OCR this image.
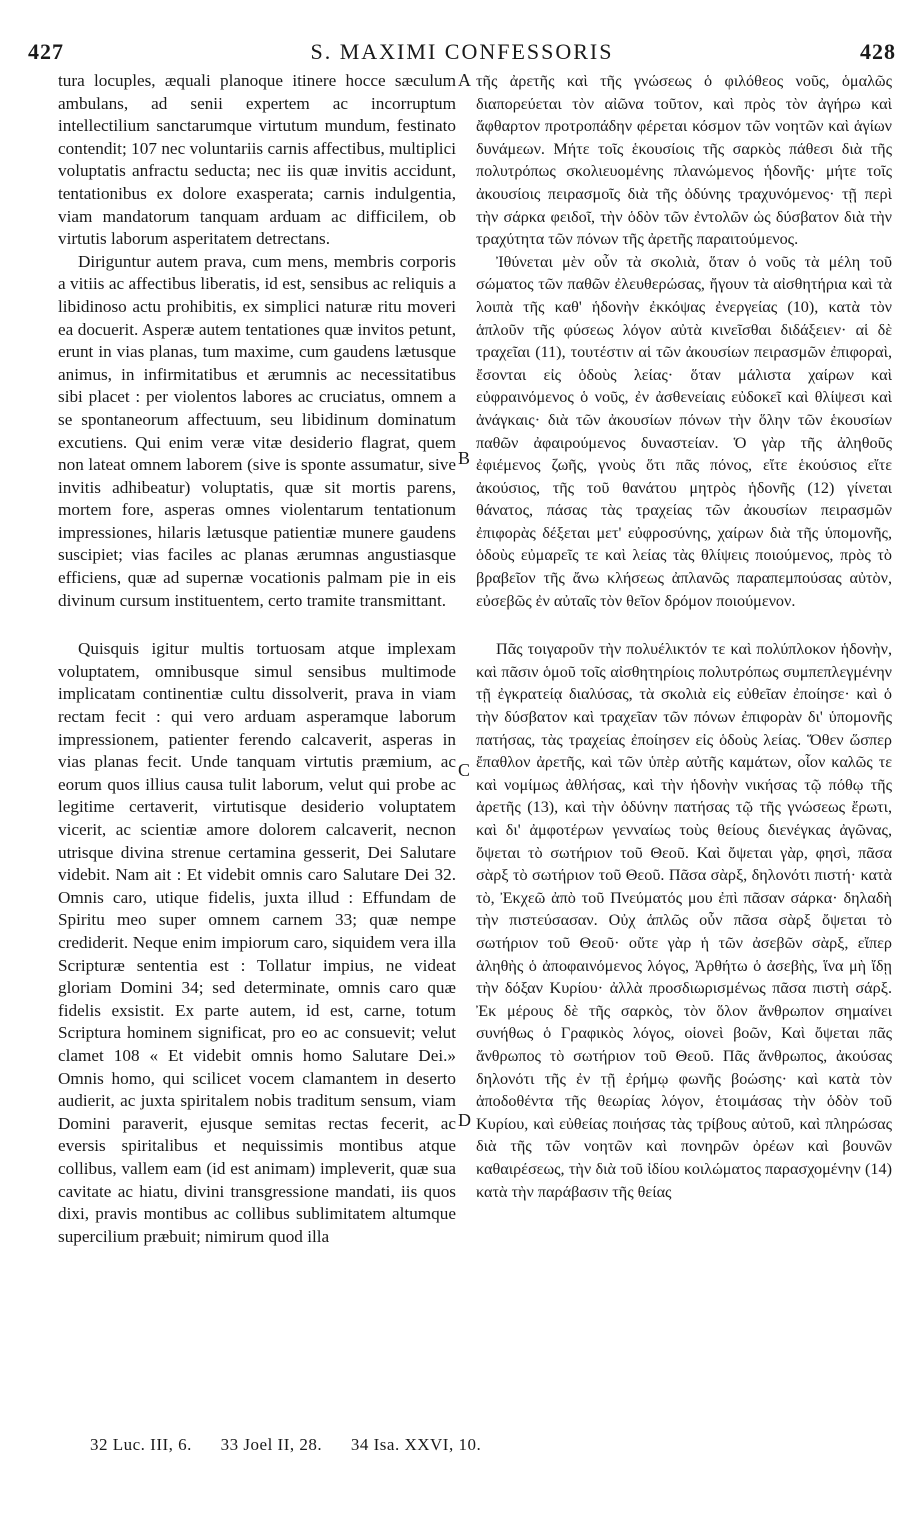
427	S. MAXIMI CONFESSORIS	428

tura locuples, æquali planoque itinere hocce sæculum ambulans, ad senii expertem ac incorruptum intellectilium sanctarumque virtutum mundum, festinato contendit; 107 nec voluntariis carnis affectibus, multiplici voluptatis anfractu seducta; nec iis quæ invitis accidunt, tentationibus ex dolore exasperata; carnis indulgentia, viam mandatorum tanquam arduam ac difficilem, ob virtutis laborum asperitatem detrectans.

Diriguntur autem prava, cum mens, membris corporis a vitiis ac affectibus liberatis, id est, sensibus ac reliquis a libidinoso actu prohibitis, ex simplici naturæ ritu moveri ea docuerit. Asperæ autem tentationes quæ invitos petunt, erunt in vias planas, tum maxime, cum gaudens lætusque animus, in infirmitatibus et ærumnis ac necessitatibus sibi placet : per violentos labores ac cruciatus, omnem a se spontaneorum affectuum, seu libidinum dominatum excutiens. Qui enim veræ vitæ desiderio flagrat, quem non lateat omnem laborem (sive is sponte assumatur, sive invitis adhibeatur) voluptatis, quæ sit mortis parens, mortem fore, asperas omnes violentarum tentationum impressiones, hilaris lætusque patientiæ munere gaudens suscipiet; vias faciles ac planas ærumnas angustiasque efficiens, quæ ad supernæ vocationis palmam pie in eis divinum cursum instituentem, certo tramite transmittant.

Quisquis igitur multis tortuosam atque implexam voluptatem, omnibusque simul sensibus multimode implicatam continentiæ cultu dissolverit, prava in viam rectam fecit : qui vero arduam asperamque laborum impressionem, patienter ferendo calcaverit, asperas in vias planas fecit. Unde tanquam virtutis præmium, ac eorum quos illius causa tulit laborum, velut qui probe ac legitime certaverit, virtutisque desiderio voluptatem vicerit, ac scientiæ amore dolorem calcaverit, necnon utrisque divina strenue certamina gesserit, Dei Salutare videbit. Nam ait : Et videbit omnis caro Salutare Dei 32. Omnis caro, utique fidelis, juxta illud : Effundam de Spiritu meo super omnem carnem 33; quæ nempe crediderit. Neque enim impiorum caro, siquidem vera illa Scripturæ sententia est : Tollatur impius, ne videat gloriam Domini 34; sed determinate, omnis caro quæ fidelis exsistit. Ex parte autem, id est, carne, totum Scriptura hominem significat, pro eo ac consuevit; velut clamet 108 « Et videbit omnis homo Salutare Dei.» Omnis homo, qui scilicet vocem clamantem in deserto audierit, ac juxta spiritalem nobis traditum sensum, viam Domini paraverit, ejusque semitas rectas fecerit, ac eversis spiritalibus et nequissimis montibus atque collibus, vallem eam (id est animam) impleverit, quæ sua cavitate ac hiatu, divini transgressione mandati, iis quos dixi, pravis montibus ac collibus sublimitatem altumque supercilium præbuit; nimirum quod illa

A
B
C
D

τῆς ἀρετῆς καὶ τῆς γνώσεως ὁ φιλόθεος νοῦς, ὁμαλῶς διαπορεύεται τὸν αἰῶνα τοῦτον, καὶ πρὸς τὸν ἀγήρω καὶ ἄφθαρτον προτροπάδην φέρεται κόσμον τῶν νοητῶν καὶ ἁγίων δυνάμεων. Μήτε τοῖς ἑκουσίοις τῆς σαρκὸς πάθεσι διὰ τῆς πολυτρόπως σκολιευομένης πλανώμενος ἡδονῆς· μήτε τοῖς ἀκουσίοις πειρασμοῖς διὰ τῆς ὀδύνης τραχυνόμενος· τῇ περὶ τὴν σάρκα φειδοῖ, τὴν ὁδὸν τῶν ἐντολῶν ὡς δύσβατον διὰ τὴν τραχύτητα τῶν πόνων τῆς ἀρετῆς παραιτούμενος.

Ἰθύνεται μὲν οὖν τὰ σκολιὰ, ὅταν ὁ νοῦς τὰ μέλη τοῦ σώματος τῶν παθῶν ἐλευθερώσας, ἤγουν τὰ αἰσθητήρια καὶ τὰ λοιπὰ τῆς καθ' ἡδονὴν ἐκκόψας ἐνεργείας (10), κατὰ τὸν ἁπλοῦν τῆς φύσεως λόγον αὐτὰ κινεῖσθαι διδάξειεν· αἱ δὲ τραχεῖαι (11), τουτέστιν αἱ τῶν ἀκουσίων πειρασμῶν ἐπιφοραὶ, ἔσονται εἰς ὁδοὺς λείας· ὅταν μάλιστα χαίρων καὶ εὐφραινόμενος ὁ νοῦς, ἐν ἀσθενείαις εὐδοκεῖ καὶ θλίψεσι καὶ ἀνάγκαις· διὰ τῶν ἀκουσίων πόνων τὴν ὅλην τῶν ἑκουσίων παθῶν ἀφαιρούμενος δυναστείαν. Ὁ γὰρ τῆς ἀληθοῦς ἐφιέμενος ζωῆς, γνοὺς ὅτι πᾶς πόνος, εἴτε ἑκούσιος εἴτε ἀκούσιος, τῆς τοῦ θανάτου μητρὸς ἡδονῆς (12) γίνεται θάνατος, πάσας τὰς τραχείας τῶν ἀκουσίων πειρασμῶν ἐπιφορὰς δέξεται μετ' εὐφροσύνης, χαίρων διὰ τῆς ὑπομονῆς, ὁδοὺς εὐμαρεῖς τε καὶ λείας τὰς θλίψεις ποιούμενος, πρὸς τὸ βραβεῖον τῆς ἄνω κλήσεως ἀπλανῶς παραπεμπούσας αὐτὸν, εὐσεβῶς ἐν αὐταῖς τὸν θεῖον δρόμον ποιούμενον.

Πᾶς τοιγαροῦν τὴν πολυέλικτόν τε καὶ πολύπλοκον ἡδονὴν, καὶ πᾶσιν ὁμοῦ τοῖς αἰσθητηρίοις πολυτρόπως συμπεπλεγμένην τῇ ἐγκρατείᾳ διαλύσας, τὰ σκολιὰ εἰς εὐθεῖαν ἐποίησε· καὶ ὁ τὴν δύσβατον καὶ τραχεῖαν τῶν πόνων ἐπιφορὰν δι' ὑπομονῆς πατήσας, τὰς τραχείας ἐποίησεν εἰς ὁδοὺς λείας. Ὅθεν ὥσπερ ἔπαθλον ἀρετῆς, καὶ τῶν ὑπὲρ αὐτῆς καμάτων, οἷον καλῶς τε καὶ νομίμως ἀθλήσας, καὶ τὴν ἡδονὴν νικήσας τῷ πόθῳ τῆς ἀρετῆς (13), καὶ τὴν ὀδύνην πατήσας τῷ τῆς γνώσεως ἔρωτι, καὶ δι' ἀμφοτέρων γενναίως τοὺς θείους διενέγκας ἀγῶνας, ὄψεται τὸ σωτήριον τοῦ Θεοῦ. Καὶ ὄψεται γὰρ, φησὶ, πᾶσα σὰρξ τὸ σωτήριον τοῦ Θεοῦ. Πᾶσα σὰρξ, δηλονότι πιστή· κατὰ τὸ, Ἐκχεῶ ἀπὸ τοῦ Πνεύματός μου ἐπὶ πᾶσαν σάρκα· δηλαδὴ τὴν πιστεύσασαν. Οὐχ ἁπλῶς οὖν πᾶσα σὰρξ ὄψεται τὸ σωτήριον τοῦ Θεοῦ· οὔτε γὰρ ἡ τῶν ἀσεβῶν σὰρξ, εἴπερ ἀληθὴς ὁ ἀποφαινόμενος λόγος, Ἀρθήτω ὁ ἀσεβὴς, ἵνα μὴ ἴδῃ τὴν δόξαν Κυρίου· ἀλλὰ προσδιωρισμένως πᾶσα πιστὴ σάρξ. Ἐκ μέρους δὲ τῆς σαρκὸς, τὸν ὅλον ἄνθρωπον σημαίνει συνήθως ὁ Γραφικὸς λόγος, οἱονεὶ βοῶν, Καὶ ὄψεται πᾶς ἄνθρωπος τὸ σωτήριον τοῦ Θεοῦ. Πᾶς ἄνθρωπος, ἀκούσας δηλονότι τῆς ἐν τῇ ἐρήμῳ φωνῆς βοώσης· καὶ κατὰ τὸν ἀποδοθέντα τῆς θεωρίας λόγον, ἑτοιμάσας τὴν ὁδὸν τοῦ Κυρίου, καὶ εὐθείας ποιήσας τὰς τρίβους αὐτοῦ, καὶ πληρώσας διὰ τῆς τῶν νοητῶν καὶ πονηρῶν ὀρέων καὶ βουνῶν καθαιρέσεως, τὴν διὰ τοῦ ἰδίου κοιλώματος παρασχομένην (14) κατὰ τὴν παράβασιν τῆς θείας

32 Luc. III, 6. 33 Joel II, 28. 34 Isa. XXVI, 10.
